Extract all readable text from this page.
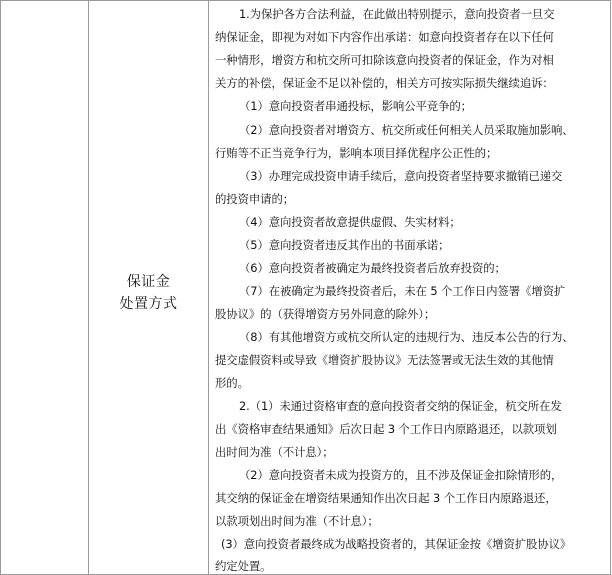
保证金
处置方式
1.为保护各方合法利益，在此做出特别提示，意向投资者一旦交
纳保证金，即视为对如下内容作出承诺：如意向投资者存在以下任何
一种情形，增资方和杭交所可扣除该意向投资者的保证金，作为对相
关方的补偿，保证金不足以补偿的，相关方可按实际损失继续追诉：
（1）意向投资者串通投标，影响公平竞争的；
（2）意向投资者对增资方、杭交所或任何相关人员采取施加影响、
行贿等不正当竞争行为，影响本项目择优程序公正性的；
（3）办理完成投资申请手续后，意向投资者坚持要求撤销已递交
的投资申请的；
（4）意向投资者故意提供虚假、失实材料；
（5）意向投资者违反其作出的书面承诺；
（6）意向投资者被确定为最终投资者后放弃投资的；
（7）在被确定为最终投资者后，未在 5 个工作日内签署《增资扩
股协议》的（获得增资方另外同意的除外）；
（8）有其他增资方或杭交所认定的违规行为、违反本公告的行为、
提交虚假资料或导致《增资扩股协议》无法签署或无法生效的其他情
形的。
2.（1）未通过资格审查的意向投资者交纳的保证金，杭交所在发
出《资格审查结果通知》后次日起 3 个工作日内原路退还，以款项划
出时间为准（不计息）；
（2）意向投资者未成为投资方的，且不涉及保证金扣除情形的，
其交纳的保证金在增资结果通知作出次日起 3 个工作日内原路退还，
以款项划出时间为准（不计息）；
(3）意向投资者最终成为战略投资者的，其保证金按《增资扩股协议》
约定处置。
